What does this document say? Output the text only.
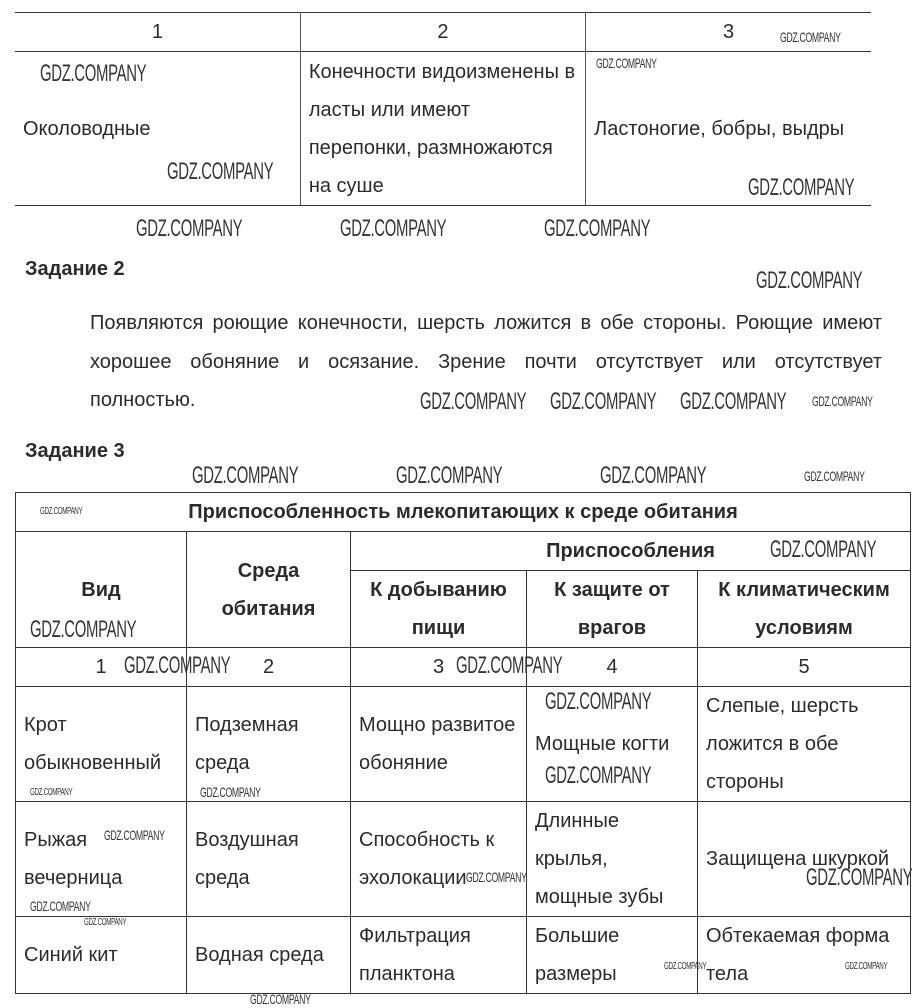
1	2	3
Околоводные	Конечности видоизменены в ласты или имеют перепонки, размножаются на суше	Ластоногие, бобры, выдры
Задание 2
Появляются роющие конечности, шерсть ложится в обе стороны. Роющие имеют хорошее обоняние и осязание. Зрение почти отсутствует или отсутствует полностью.
Задание 3
Приспособленность млекопитающих к среде обитания				
Вид	Среда обитания	Приспособления		
		К добыванию пищи	К защите от врагов	К климатическим условиям
1	2	3	4	5
Крот обыкновенный	Подземная среда	Мощно развитое обоняние	Мощные когти	Слепые, шерсть ложится в обе стороны
Рыжая вечерница	Воздушная среда	Способность к эхолокации	Длинные крылья, мощные зубы	Защищена шкуркой
Синий кит	Водная среда	Фильтрация планктона	Большие размеры	Обтекаемая форма тела
GDZ.COMPANY
GDZ.COMPANY	GDZ.COMPANY
GDZ.COMPANY
GDZ.COMPANY
GDZ.COMPANY	GDZ.COMPANY	GDZ.COMPANY
GDZ.COMPANY
GDZ.COMPANY GDZ.COMPANY GDZ.COMPANY GDZ.COMPANY
GDZ.COMPANY	GDZ.COMPANY	GDZ.COMPANY
GDZ.COMPANY
GDZ.COMPANY
GDZ.COMPANY
GDZ.COMPANY
GDZ.COMPANY
GDZ.COMPANY
GDZ.COMPANY
GDZ.COMPANY
GDZ.COMPANY
GDZ.COMPANY
GDZ.COMPANY
GDZ.COMPANY
GDZ.COMPANY
GDZ.COMPANY
GDZ.COMPANY
GDZ.COMPANY
GDZ.COMPANY	GDZ.COMPANY
